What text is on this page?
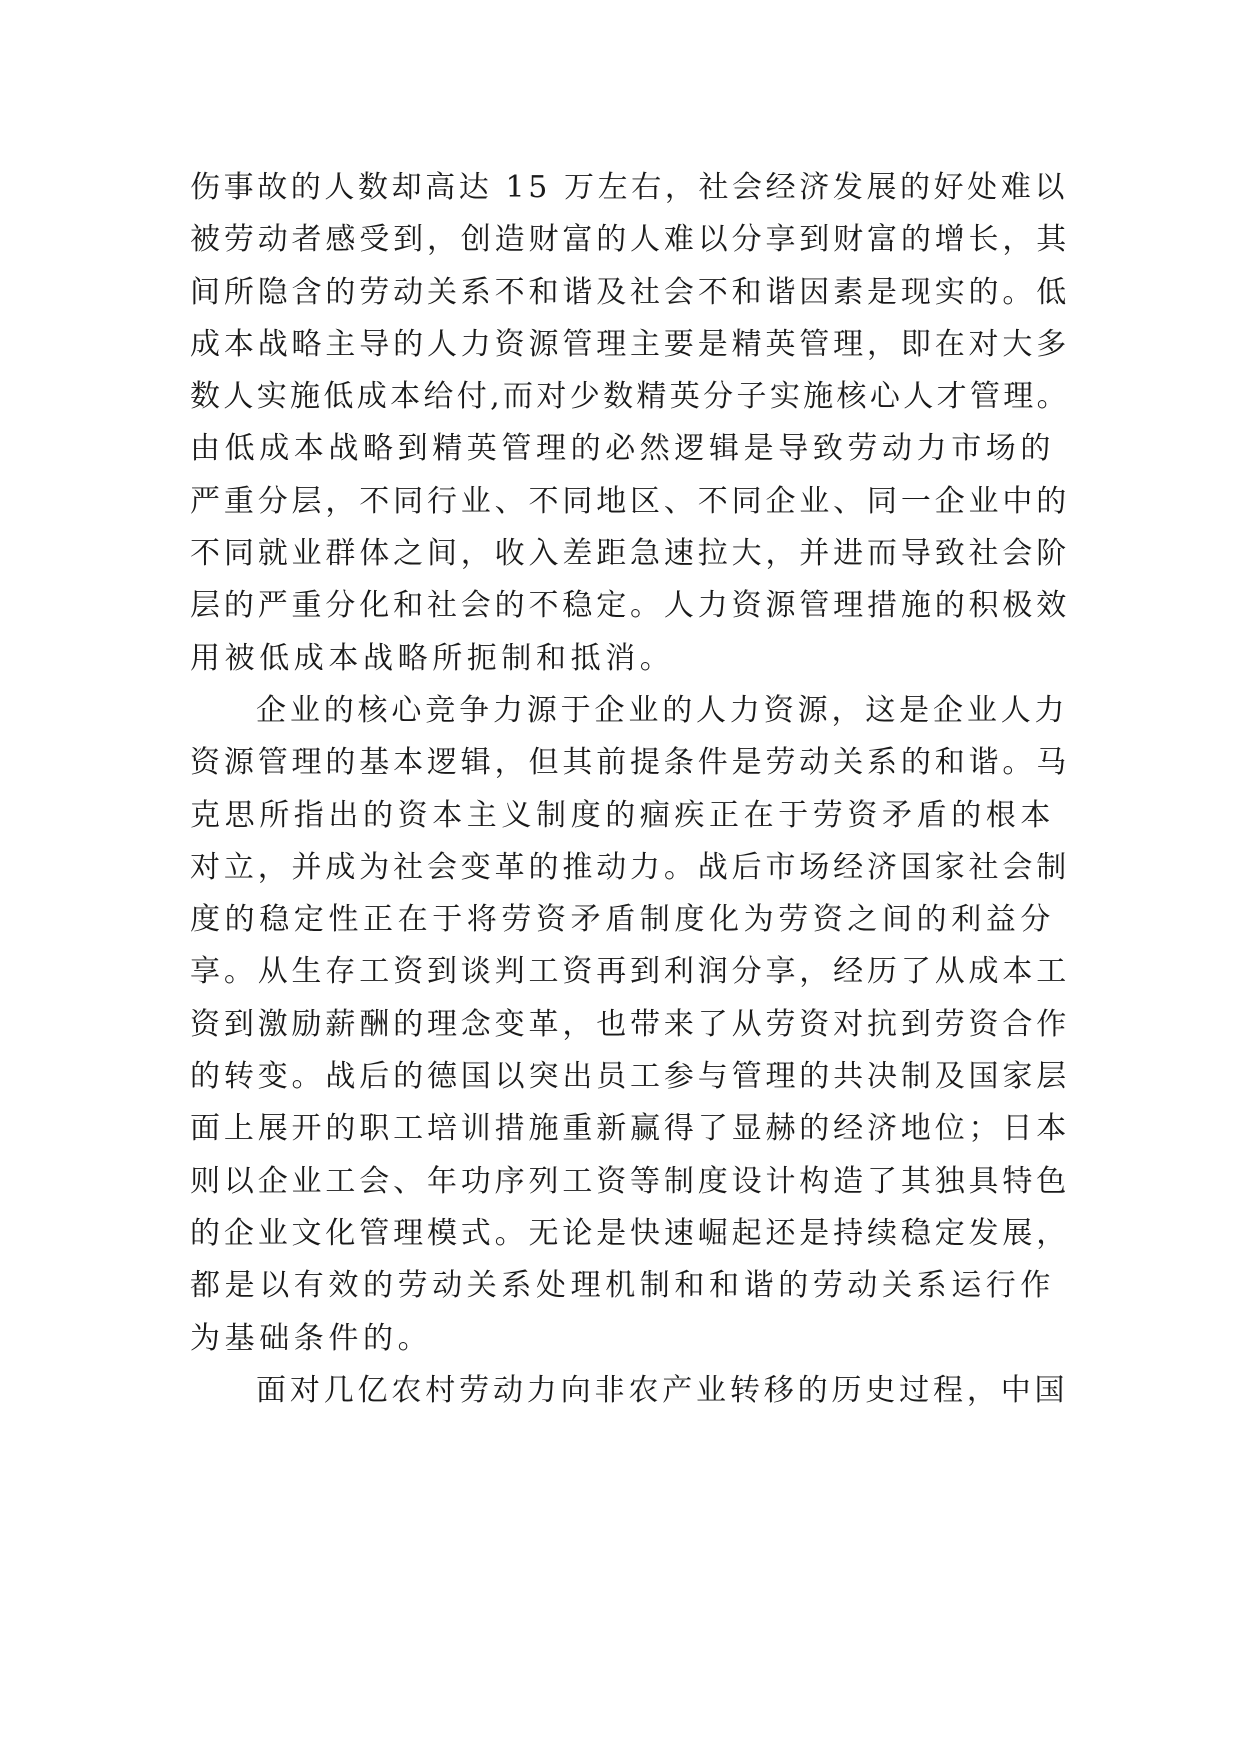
伤事故的人数却高达 15 万左右，社会经济发展的好处难以
被劳动者感受到，创造财富的人难以分享到财富的增长，其
间所隐含的劳动关系不和谐及社会不和谐因素是现实的。低
成本战略主导的人力资源管理主要是精英管理，即在对大多
数人实施低成本给付,而对少数精英分子实施核心人才管理。
由低成本战略到精英管理的必然逻辑是导致劳动力市场的
严重分层，不同行业、不同地区、不同企业、同一企业中的
不同就业群体之间，收入差距急速拉大，并进而导致社会阶
层的严重分化和社会的不稳定。人力资源管理措施的积极效
用被低成本战略所扼制和抵消。
企业的核心竞争力源于企业的人力资源，这是企业人力
资源管理的基本逻辑，但其前提条件是劳动关系的和谐。马
克思所指出的资本主义制度的痼疾正在于劳资矛盾的根本
对立，并成为社会变革的推动力。战后市场经济国家社会制
度的稳定性正在于将劳资矛盾制度化为劳资之间的利益分
享。从生存工资到谈判工资再到利润分享，经历了从成本工
资到激励薪酬的理念变革，也带来了从劳资对抗到劳资合作
的转变。战后的德国以突出员工参与管理的共决制及国家层
面上展开的职工培训措施重新赢得了显赫的经济地位；日本
则以企业工会、年功序列工资等制度设计构造了其独具特色
的企业文化管理模式。无论是快速崛起还是持续稳定发展，
都是以有效的劳动关系处理机制和和谐的劳动关系运行作
为基础条件的。
面对几亿农村劳动力向非农产业转移的历史过程，中国
